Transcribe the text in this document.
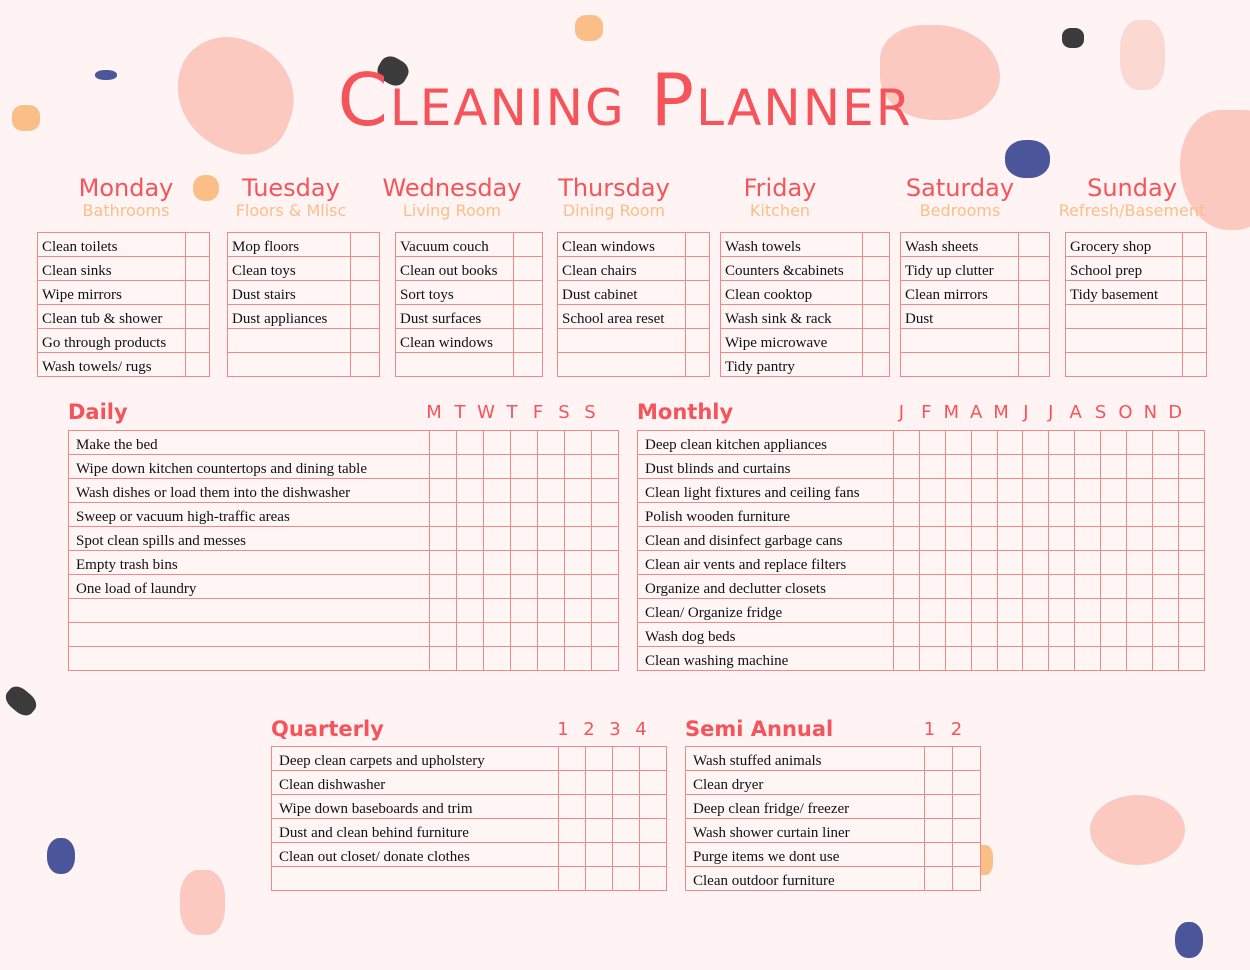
Cleaning Planner
Monday
Bathrooms
Clean toilets	
Clean sinks	
Wipe mirrors	
Clean tub & shower	
Go through products	
Wash towels/ rugs	
Tuesday
Floors & Mlisc
Mop floors	
Clean toys	
Dust stairs	
Dust appliances	

Wednesday
Living Room
Vacuum couch	
Clean out books	
Sort toys	
Dust surfaces	
Clean windows	

Thursday
Dining Room
Clean windows	
Clean chairs	
Dust cabinet	
School area reset	

Friday
Kitchen
Wash towels	
Counters &cabinets	
Clean cooktop	
Wash sink & rack	
Wipe microwave	
Tidy pantry	
Saturday
Bedrooms
Wash sheets	
Tidy up clutter	
Clean mirrors	
Dust	

Sunday
Refresh/Basement
Grocery shop	
School prep	
Tidy basement	

Daily	M T W T F S S
Make the bed							
Wipe down kitchen countertops and dining table							
Wash dishes or load them into the dishwasher							
Sweep or vacuum high-traffic areas							
Spot clean spills and messes							
Empty trash bins							
One load of laundry							

Monthly	J F M A M J	J A S O N D
Deep clean kitchen appliances												
Dust blinds and curtains												
Clean light fixtures and ceiling fans												
Polish wooden furniture												
Clean and disinfect garbage cans												
Clean air vents and replace filters												
Organize and declutter closets												
Clean/ Organize fridge												
Wash dog beds												
Clean washing machine												
Quarterly	1 2 3 4
Deep clean carpets and upholstery				
Clean dishwasher				
Wipe down baseboards and trim				
Dust and clean behind furniture				
Clean out closet/ donate clothes				

Semi Annual	1 2
Wash stuffed animals		
Clean dryer		
Deep clean fridge/ freezer		
Wash shower curtain liner		
Purge items we dont use		
Clean outdoor furniture		
